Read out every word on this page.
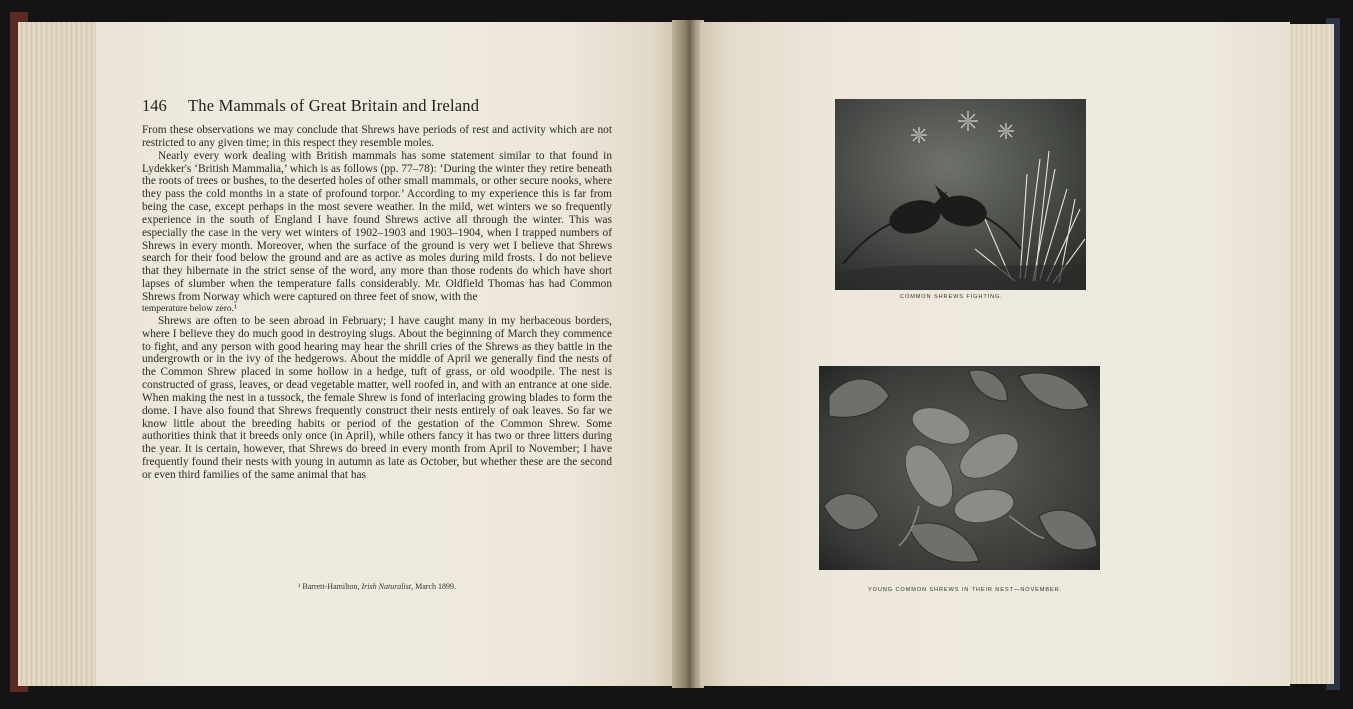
146 The Mammals of Great Britain and Ireland

From these observations we may conclude that Shrews have periods of rest and activity which are not restricted to any given time; in this respect they resemble moles.

Nearly every work dealing with British mammals has some statement similar to that found in Lydekker's ‘British Mammalia,’ which is as follows (pp. 77–78): ‘During the winter they retire beneath the roots of trees or bushes, to the deserted holes of other small mammals, or other secure nooks, where they pass the cold months in a state of profound torpor.’ According to my experience this is far from being the case, except perhaps in the most severe weather. In the mild, wet winters we so frequently experience in the south of England I have found Shrews active all through the winter. This was especially the case in the very wet winters of 1902–1903 and 1903–1904, when I trapped numbers of Shrews in every month. Moreover, when the surface of the ground is very wet I believe that Shrews search for their food below the ground and are as active as moles during mild frosts. I do not believe that they hibernate in the strict sense of the word, any more than those rodents do which have short lapses of slumber when the temperature falls considerably. Mr. Oldfield Thomas has had Common Shrews from Norway which were captured on three feet of snow, with the

temperature below zero.¹

Shrews are often to be seen abroad in February; I have caught many in my herbaceous borders, where I believe they do much good in destroying slugs. About the beginning of March they commence to fight, and any person with good hearing may hear the shrill cries of the Shrews as they battle in the undergrowth or in the ivy of the hedgerows. About the middle of April we generally find the nests of the Common Shrew placed in some hollow in a hedge, tuft of grass, or old woodpile. The nest is constructed of grass, leaves, or dead vegetable matter, well roofed in, and with an entrance at one side. When making the nest in a tussock, the female Shrew is fond of interlacing growing blades to form the dome. I have also found that Shrews frequently construct their nests entirely of oak leaves. So far we know little about the breeding habits or period of the gestation of the Common Shrew. Some authorities think that it breeds only once (in April), while others fancy it has two or three litters during the year. It is certain, however, that Shrews do breed in every month from April to November; I have frequently found their nests with young in autumn as late as October, but whether these are the second or even third families of the same animal that has

¹ Barrett-Hamilton, Irish Naturalist, March 1899.
COMMON SHREWS FIGHTING.
YOUNG COMMON SHREWS IN THEIR NEST—NOVEMBER.
